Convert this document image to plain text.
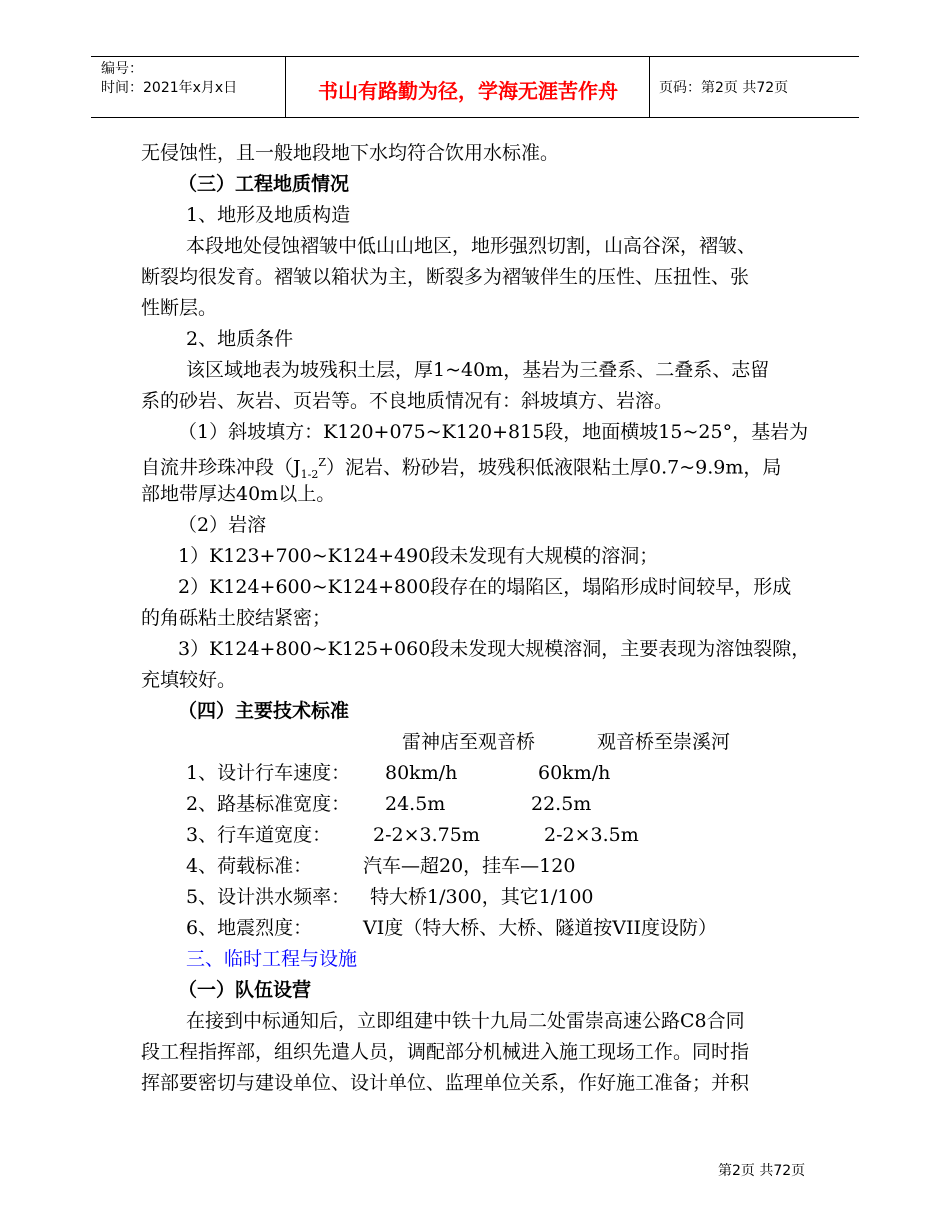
编号：
时间：2021年x月x日	书山有路勤为径，学海无涯苦作舟	页码：第2页 共72页
无侵蚀性，且一般地段地下水均符合饮用水标准。
（三）工程地质情况
1、地形及地质构造
本段地处侵蚀褶皱中低山山地区，地形强烈切割，山高谷深，褶皱、
断裂均很发育。褶皱以箱状为主，断裂多为褶皱伴生的压性、压扭性、张
性断层。
2、地质条件
该区域地表为坡残积土层，厚1~40m，基岩为三叠系、二叠系、志留
系的砂岩、灰岩、页岩等。不良地质情况有：斜坡填方、岩溶。
（1）斜坡填方：K120+075~K120+815段，地面横坡15~25°，基岩为
自流井珍珠冲段$(J_{1-2}^Z)$泥岩、粉砂岩，坡残积低液限粘土厚0.7~9.9m，局
部地带厚达40m以上。
（2）岩溶
1）K123+700~K124+490段未发现有大规模的溶洞；
2）K124+600~K124+800段存在的塌陷区，塌陷形成时间较早，形成
的角砾粘土胶结紧密；
3）K124+800~K125+060段未发现大规模溶洞，主要表现为溶蚀裂隙，
充填较好。
（四）主要技术标准
雷神店至观音桥	观音桥至崇溪河
1、设计行车速度： 80km/h	60km/h
2、路基标准宽度： 24.5m	22.5m
3、行车道宽度： 2-2×3.75m	2-2×3.5m
4、荷载标准：	汽车—超20，挂车—120
5、设计洪水频率： 特大桥1/300，其它1/100
6、地震烈度：	VI度（特大桥、大桥、隧道按VII度设防）
三、临时工程与设施
（一）队伍设营
在接到中标通知后，立即组建中铁十九局二处雷崇高速公路C8合同
段工程指挥部，组织先遣人员，调配部分机械进入施工现场工作。同时指
挥部要密切与建设单位、设计单位、监理单位关系，作好施工准备；并积
第2页 共72页
